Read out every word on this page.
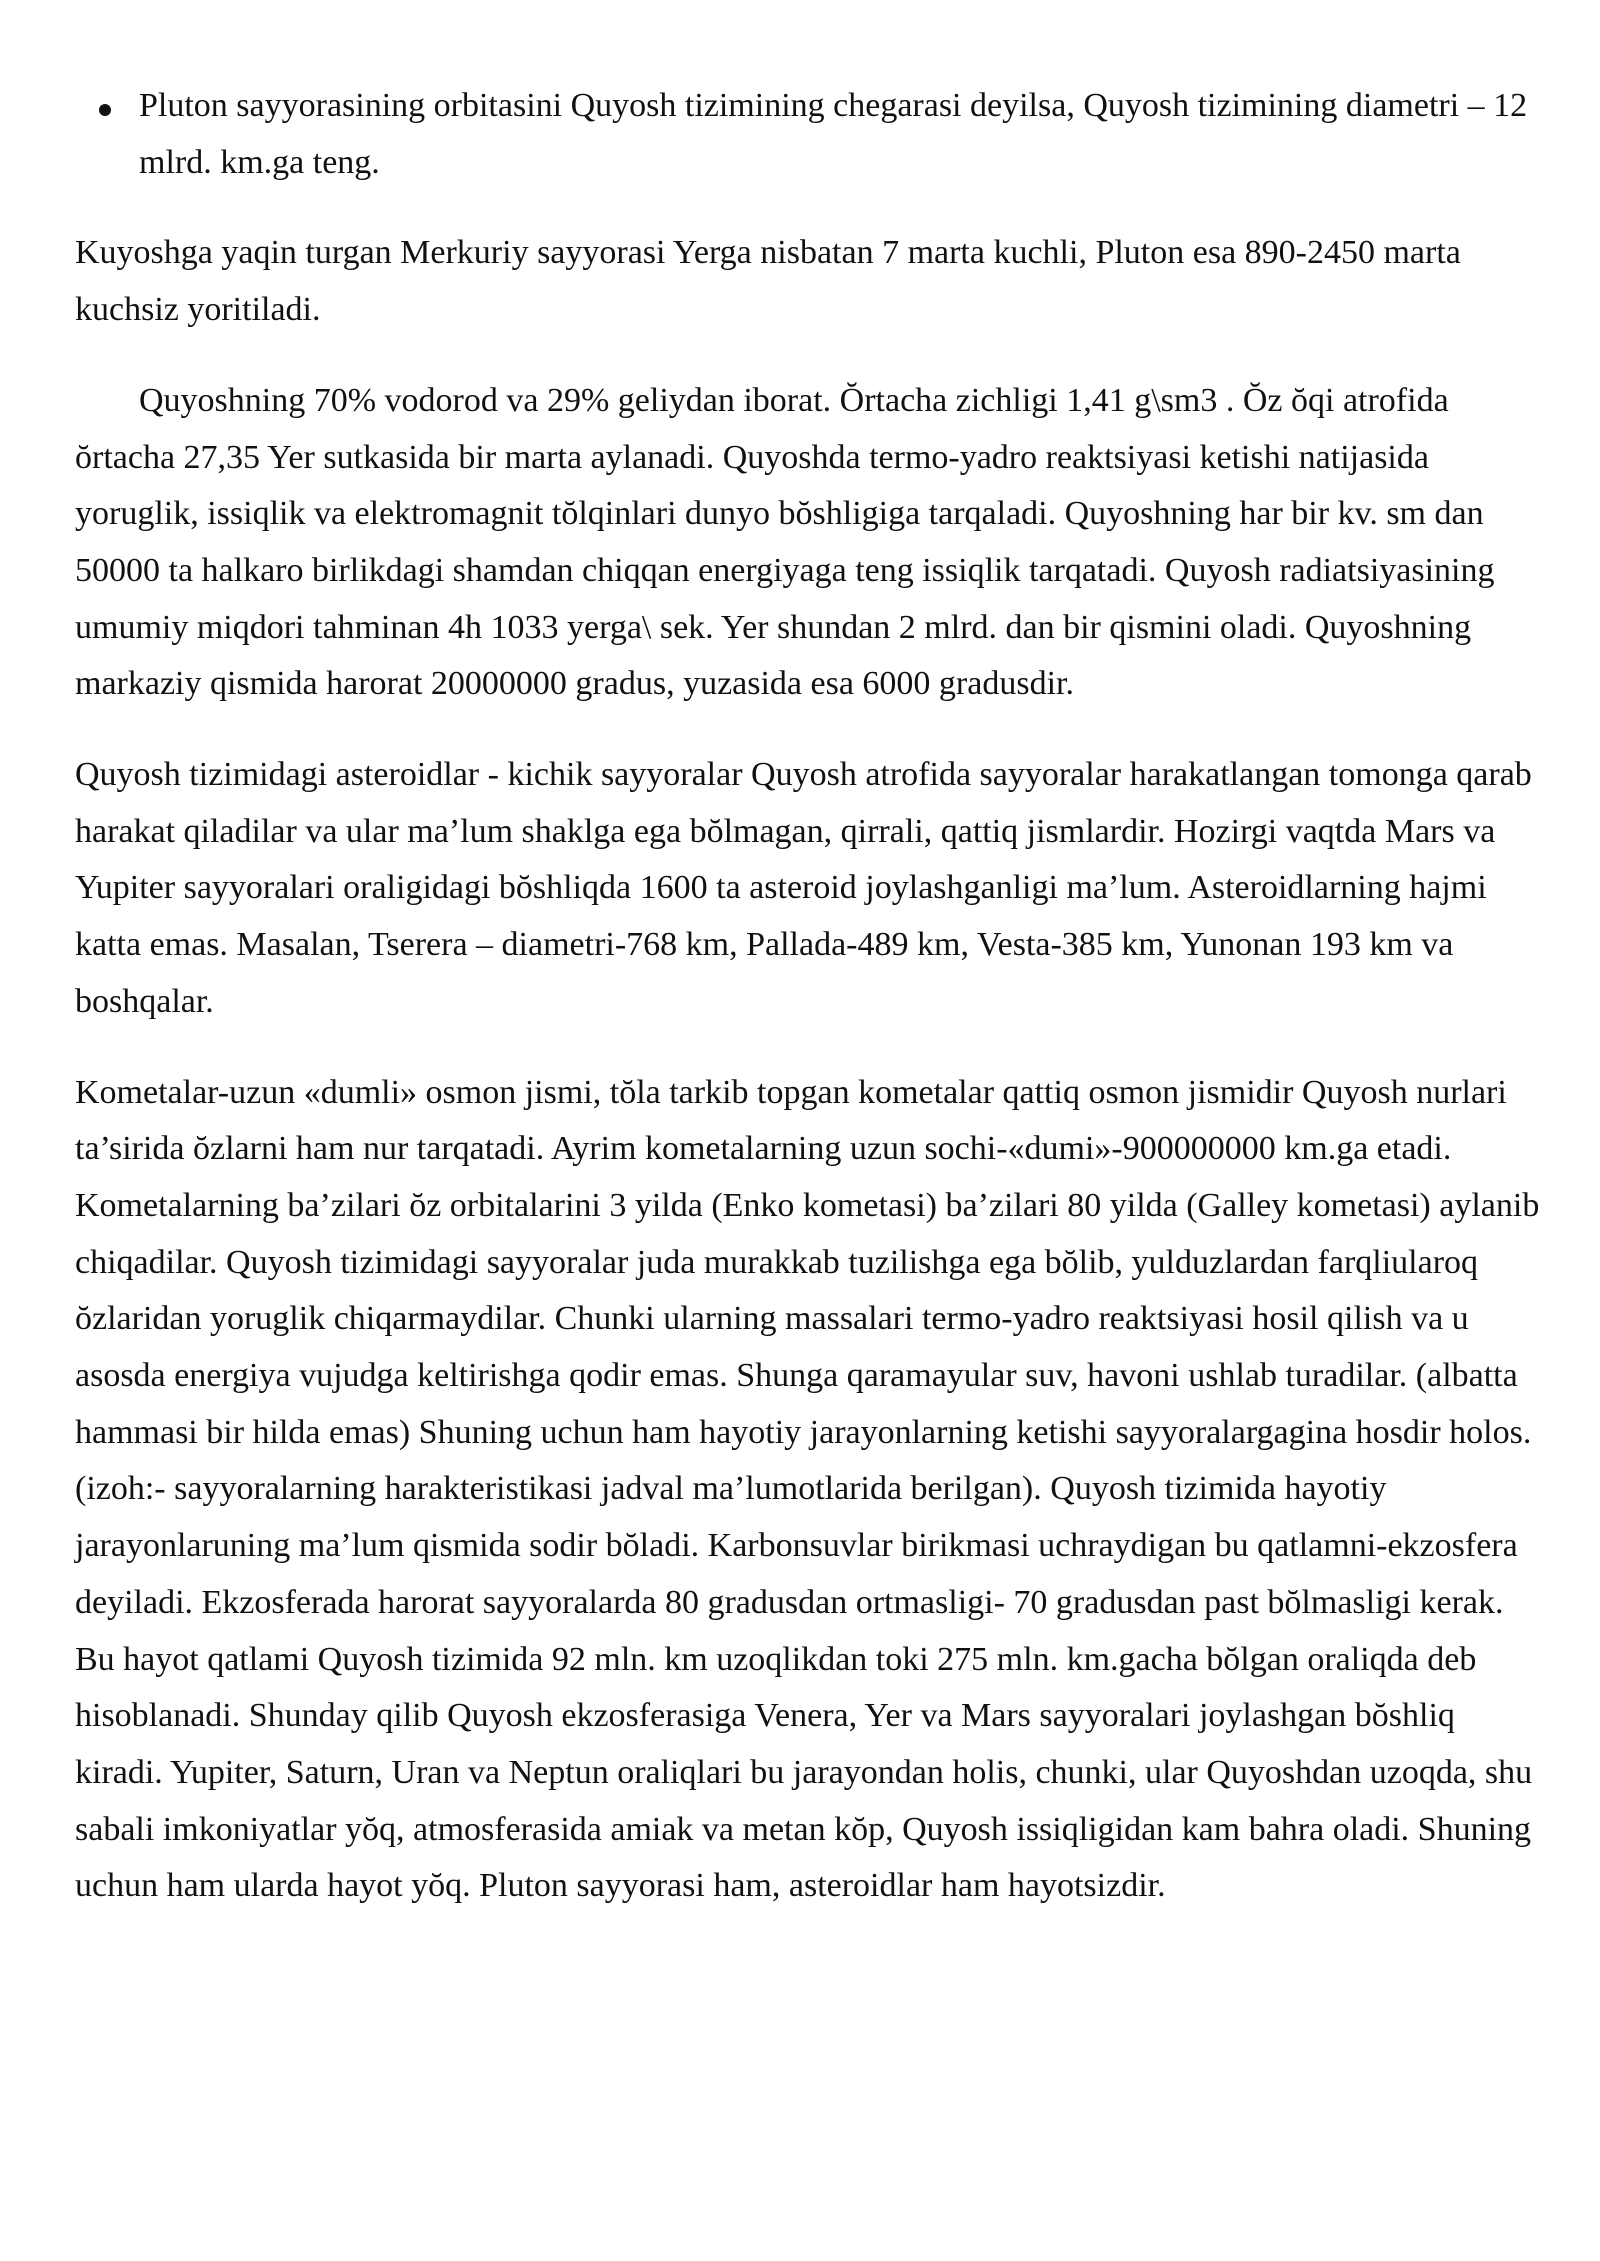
Pluton sayyorasining orbitasini Quyosh tizimining chegarasi deyilsa, Quyosh tizimining diametri – 12 mlrd. km.ga teng.

Kuyoshga yaqin turgan Merkuriy sayyorasi Yerga nisbatan 7 marta kuchli, Pluton esa 890-2450 marta kuchsiz yoritiladi.

Quyoshning 70% vodorod va 29% geliydan iborat. Ŏrtacha zichligi 1,41 g\sm3 . Ŏz ŏqi atrofida ŏrtacha 27,35 Yer sutkasida bir marta aylanadi. Quyoshda termo-yadro reaktsiyasi ketishi natijasida yoruglik, issiqlik va elektromagnit tŏlqinlari dunyo bŏshligiga tarqaladi. Quyoshning har bir kv. sm dan 50000 ta halkaro birlikdagi shamdan chiqqan energiyaga teng issiqlik tarqatadi. Quyosh radiatsiyasining umumiy miqdori tahminan 4h 1033 yerga\ sek. Yer shundan 2 mlrd. dan bir qismini oladi. Quyoshning markaziy qismida harorat 20000000 gradus, yuzasida esa 6000 gradusdir.

Quyosh tizimidagi asteroidlar - kichik sayyoralar Quyosh atrofida sayyoralar harakatlangan tomonga qarab harakat qiladilar va ular ma’lum shaklga ega bŏlmagan, qirrali, qattiq jismlardir. Hozirgi vaqtda Mars va Yupiter sayyoralari oraligidagi bŏshliqda 1600 ta asteroid joylashganligi ma’lum. Asteroidlarning hajmi katta emas. Masalan, Tserera – diametri-768 km, Pallada-489 km, Vesta-385 km, Yunonan 193 km va boshqalar.

Kometalar-uzun «dumli» osmon jismi, tŏla tarkib topgan kometalar qattiq osmon jismidir Quyosh nurlari ta’sirida ŏzlarni ham nur tarqatadi. Ayrim kometalarning uzun sochi-«dumi»-900000000 km.ga etadi. Kometalarning ba’zilari ŏz orbitalarini 3 yilda (Enko kometasi) ba’zilari 80 yilda (Galley kometasi) aylanib chiqadilar. Quyosh tizimidagi sayyoralar juda murakkab tuzilishga ega bŏlib, yulduzlardan farqliularoq ŏzlaridan yoruglik chiqarmaydilar. Chunki ularning massalari termo-yadro reaktsiyasi hosil qilish va u asosda energiya vujudga keltirishga qodir emas. Shunga qaramayular suv, havoni ushlab turadilar. (albatta hammasi bir hilda emas) Shuning uchun ham hayotiy jarayonlarning ketishi sayyoralargagina hosdir holos. (izoh:- sayyoralarning harakteristikasi jadval ma’lumotlarida berilgan). Quyosh tizimida hayotiy jarayonlaruning ma’lum qismida sodir bŏladi. Karbonsuvlar birikmasi uchraydigan bu qatlamni-ekzosfera deyiladi. Ekzosferada harorat sayyoralarda 80 gradusdan ortmasligi- 70 gradusdan past bŏlmasligi kerak. Bu hayot qatlami Quyosh tizimida 92 mln. km uzoqlikdan toki 275 mln. km.gacha bŏlgan oraliqda deb hisoblanadi. Shunday qilib Quyosh ekzosferasiga Venera, Yer va Mars sayyoralari joylashgan bŏshliq kiradi. Yupiter, Saturn, Uran va Neptun oraliqlari bu jarayondan holis, chunki, ular Quyoshdan uzoqda, shu sabali imkoniyatlar yŏq, atmosferasida amiak va metan kŏp, Quyosh issiqligidan kam bahra oladi. Shuning uchun ham ularda hayot yŏq. Pluton sayyorasi ham, asteroidlar ham hayotsizdir.
